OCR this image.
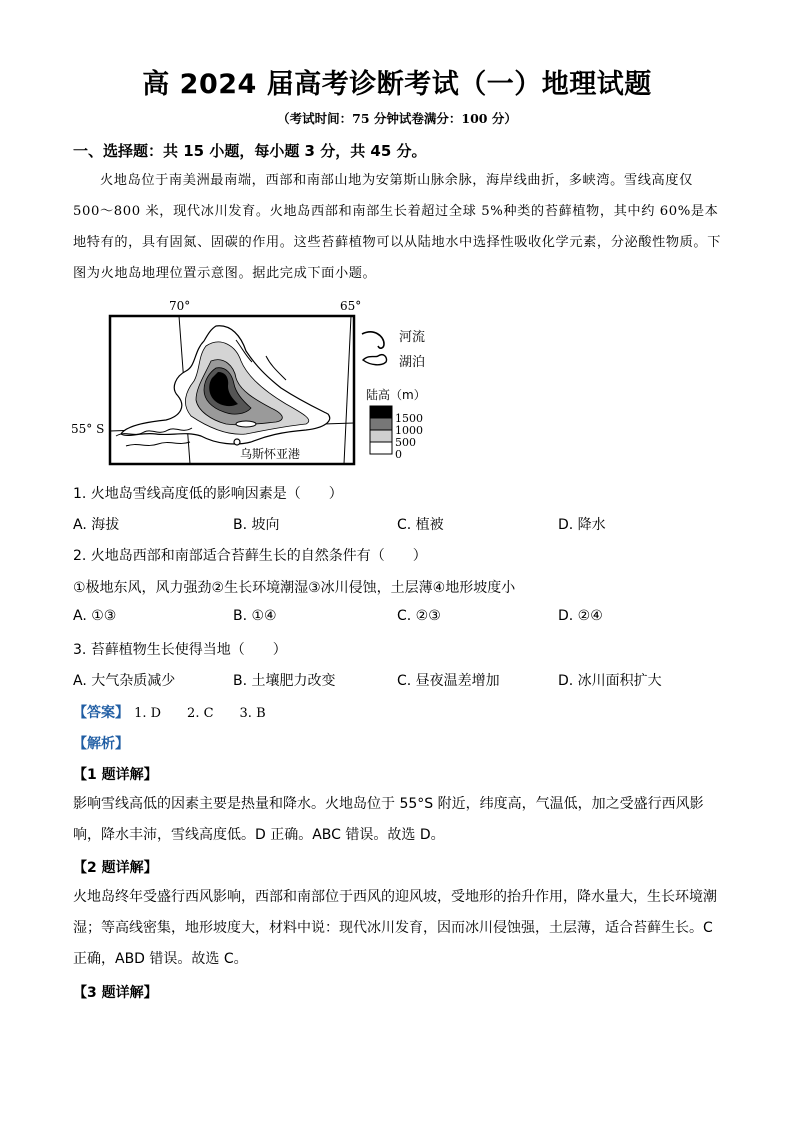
高 2024 届高考诊断考试（一）地理试题
（考试时间：75 分钟试卷满分：100 分）
一、选择题：共 15 小题，每小题 3 分，共 45 分。
火地岛位于南美洲最南端，西部和南部山地为安第斯山脉余脉，海岸线曲折，多峡湾。雪线高度仅 500～800 米，现代冰川发育。火地岛西部和南部生长着超过全球 5%种类的苔藓植物，其中约 60%是本地特有的，具有固氮、固碳的作用。这些苔藓植物可以从陆地水中选择性吸收化学元素，分泌酸性物质。下图为火地岛地理位置示意图。据此完成下面小题。
70°	65°
55° S
乌斯怀亚港
河流
湖泊
陆高（m）
1500
1000
500
0
1. 火地岛雪线高度低的影响因素是（　　）
A. 海拔	B. 坡向	C. 植被	D. 降水
2. 火地岛西部和南部适合苔藓生长的自然条件有（　　）
①极地东风，风力强劲②生长环境潮湿③冰川侵蚀，土层薄④地形坡度小
A. ①③	B. ①④	C. ②③	D. ②④
3. 苔藓植物生长使得当地（　　）
A. 大气杂质减少	B. 土壤肥力改变	C. 昼夜温差增加	D. 冰川面积扩大
【答案】 1. D　　2. C　　3. B
【解析】
【1 题详解】
影响雪线高低的因素主要是热量和降水。火地岛位于 55°S 附近，纬度高，气温低，加之受盛行西风影响，降水丰沛，雪线高度低。D 正确。ABC 错误。故选 D。
【2 题详解】
火地岛终年受盛行西风影响，西部和南部位于西风的迎风坡，受地形的抬升作用，降水量大，生长环境潮湿；等高线密集，地形坡度大，材料中说：现代冰川发育，因而冰川侵蚀强，土层薄，适合苔藓生长。C 正确，ABD 错误。故选 C。
【3 题详解】
